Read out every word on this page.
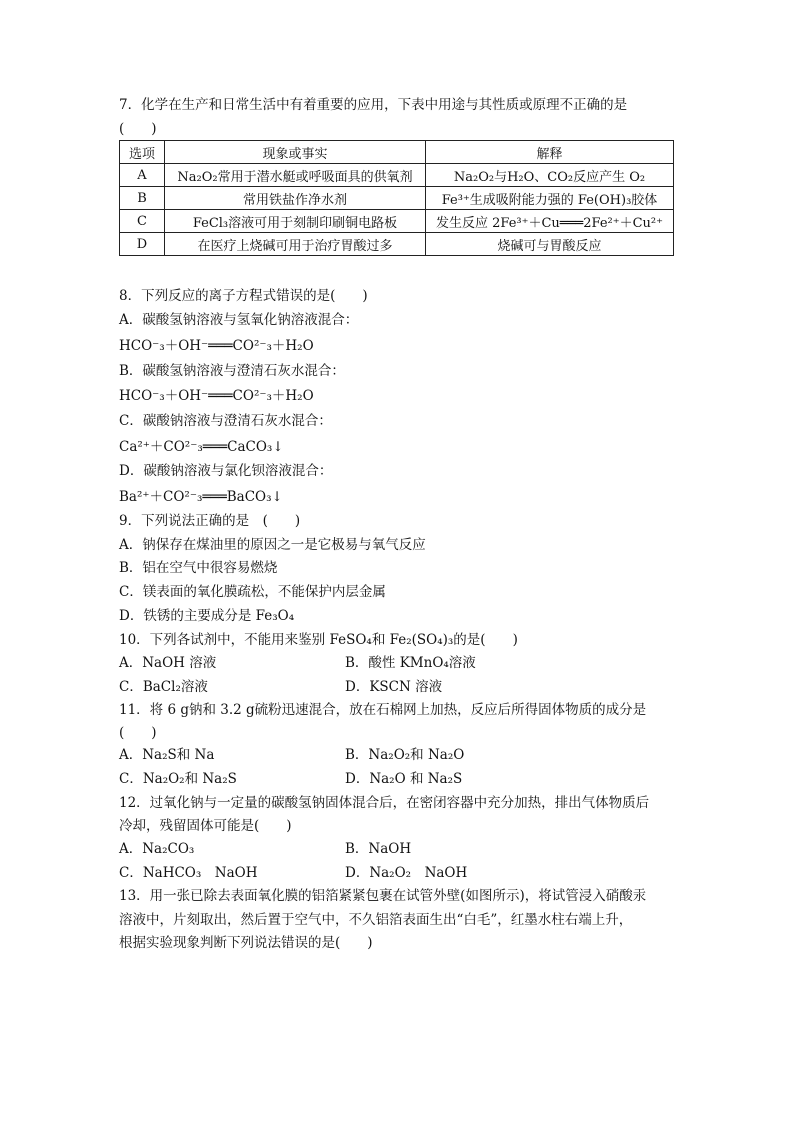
7．化学在生产和日常生活中有着重要的应用，下表中用途与其性质或原理不正确的是
(　　)
选项	现象或事实	解释
A	Na₂O₂常用于潜水艇或呼吸面具的供氧剂	Na₂O₂与H₂O、CO₂反应产生 O₂
B	常用铁盐作净水剂	Fe³⁺生成吸附能力强的 Fe(OH)₃胶体
C	FeCl₃溶液可用于刻制印刷铜电路板	发生反应 2Fe³⁺＋Cu═══2Fe²⁺＋Cu²⁺
D	在医疗上烧碱可用于治疗胃酸过多	烧碱可与胃酸反应
8．下列反应的离子方程式错误的是(　　)
A．碳酸氢钠溶液与氢氧化钠溶液混合：
HCO⁻₃＋OH⁻═══CO²⁻₃＋H₂O
B．碳酸氢钠溶液与澄清石灰水混合：
HCO⁻₃＋OH⁻═══CO²⁻₃＋H₂O
C．碳酸钠溶液与澄清石灰水混合：
Ca²⁺＋CO²⁻₃═══CaCO₃↓
D．碳酸钠溶液与氯化钡溶液混合：
Ba²⁺＋CO²⁻₃═══BaCO₃↓
9．下列说法正确的是　(　　)
A．钠保存在煤油里的原因之一是它极易与氧气反应
B．铝在空气中很容易燃烧
C．镁表面的氧化膜疏松，不能保护内层金属
D．铁锈的主要成分是 Fe₃O₄
10．下列各试剂中，不能用来鉴别 FeSO₄和 Fe₂(SO₄)₃的是(　　)
A．NaOH 溶液	B．酸性 KMnO₄溶液
C．BaCl₂溶液	D．KSCN 溶液
11．将 6 g钠和 3.2 g硫粉迅速混合，放在石棉网上加热，反应后所得固体物质的成分是
(　　)
A．Na₂S和 Na	B．Na₂O₂和 Na₂O
C．Na₂O₂和 Na₂S	D．Na₂O 和 Na₂S
12．过氧化钠与一定量的碳酸氢钠固体混合后，在密闭容器中充分加热，排出气体物质后
冷却，残留固体可能是(　　)
A．Na₂CO₃	B．NaOH
C．NaHCO₃　NaOH	D．Na₂O₂　NaOH
13．用一张已除去表面氧化膜的铝箔紧紧包裹在试管外壁(如图所示)，将试管浸入硝酸汞
溶液中，片刻取出，然后置于空气中，不久铝箔表面生出“白毛”，红墨水柱右端上升，
根据实验现象判断下列说法错误的是(　　)
